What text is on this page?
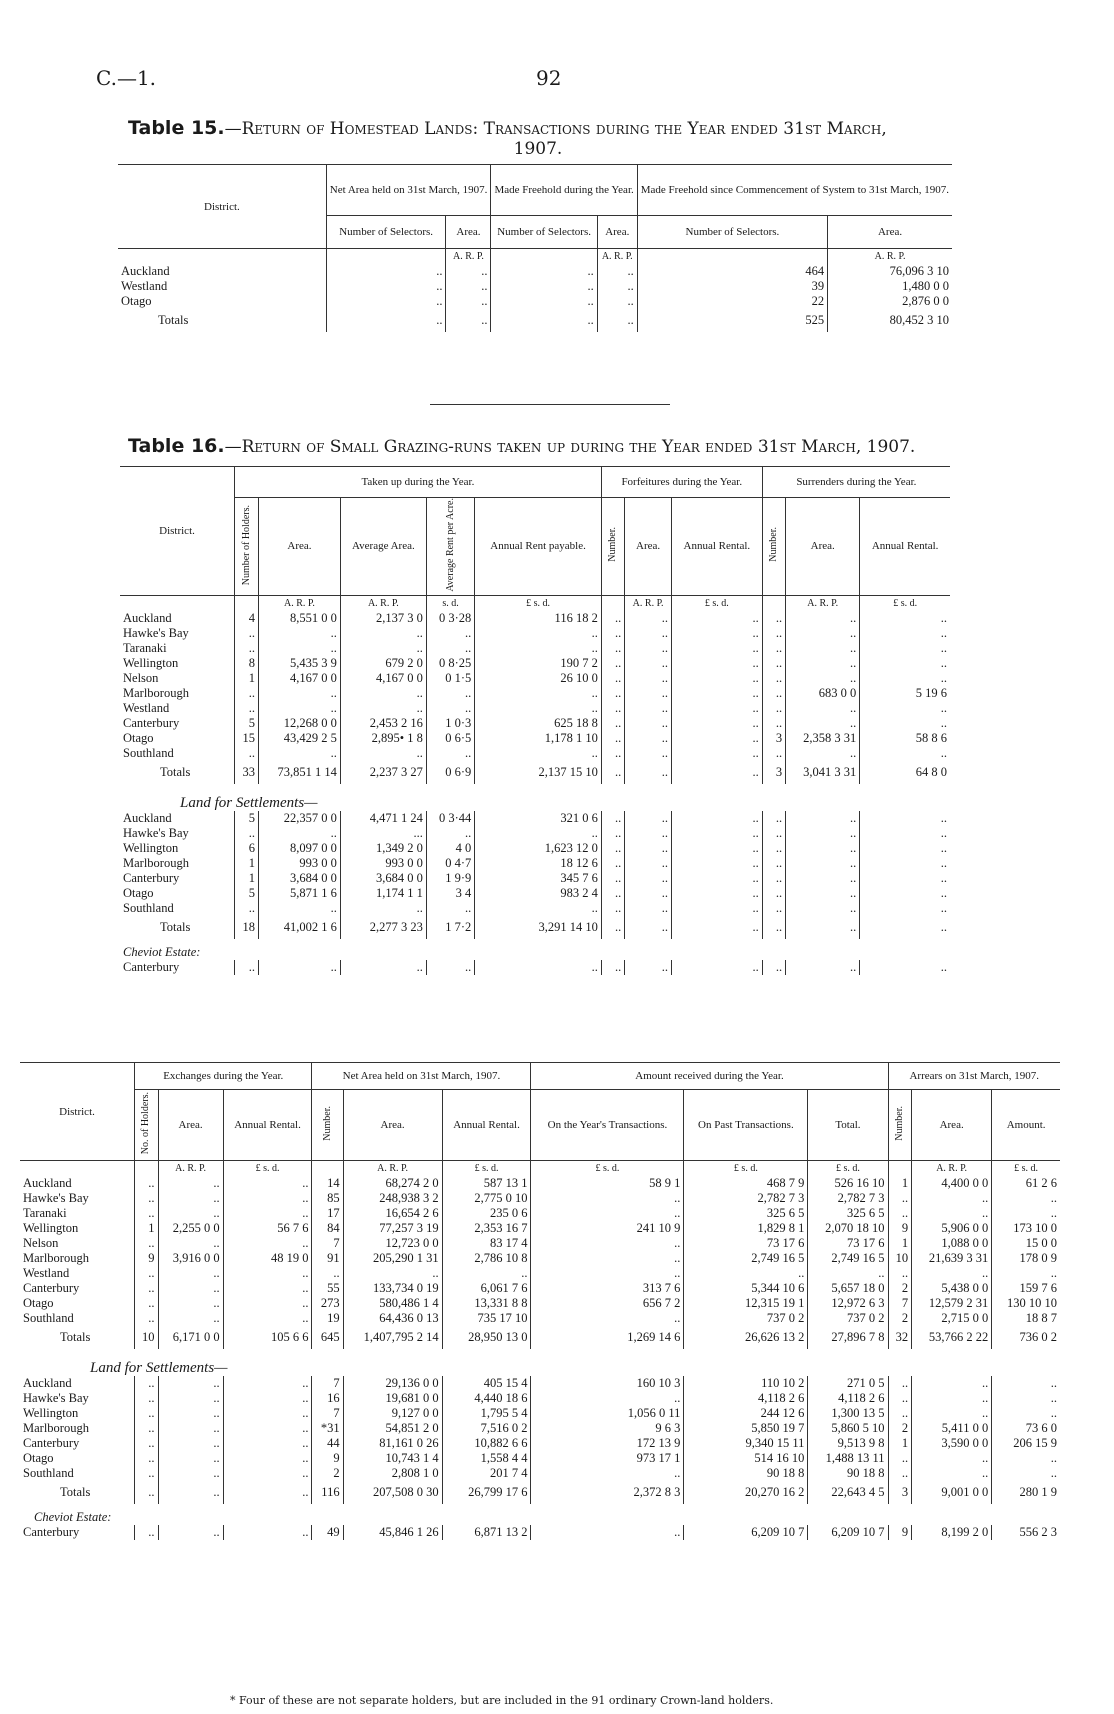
C.—1.	92
Table 15.—Return of Homestead Lands: Transactions during the Year ended 31st March,
1907.
District.	Net Area held on 31st March, 1907.		Made Freehold during the Year.		Made Freehold since Commencement of System to 31st March, 1907.	
	Number of Selectors.	Area.	Number of Selectors.	Area.	Number of Selectors.	Area.
		A. R. P.		A. R. P.		A. R. P.
Auckland	..	..	..	..	464	76,096 3 10
Westland	..	..	..	..	39	1,480 0 0
Otago	..	..	..	..	22	2,876 0 0
Totals	..	..	..	..	525	80,452 3 10
Table 16.—Return of Small Grazing-runs taken up during the Year ended 31st March, 1907.
District.	Taken up during the Year.					Forfeitures during the Year.			Surrenders during the Year.		
	Number of Holders.	Area.	Average Area.	Average Rent per Acre.	Annual Rent payable.	Number.	Area.	Annual Rental.	Number.	Area.	Annual Rental.
		A. R. P.	A. R. P.	s. d.	£ s. d.		A. R. P.	£ s. d.		A. R. P.	£ s. d.
Auckland	4	8,551 0 0	2,137 3 0	0 3·28	116 18 2	..	..	..	..	..	..
Hawke's Bay	..	..	..	..	..	..	..	..	..	..	..
Taranaki	..	..	..	..	..	..	..	..	..	..	..
Wellington	8	5,435 3 9	679 2 0	0 8·25	190 7 2	..	..	..	..	..	..
Nelson	1	4,167 0 0	4,167 0 0	0 1·5	26 10 0	..	..	..	..	..	..
Marlborough	..	..	..	..	..	..	..	..	..	683 0 0	5 19 6
Westland	..	..	..	..	..	..	..	..	..	..	..
Canterbury	5	12,268 0 0	2,453 2 16	1 0·3	625 18 8	..	..	..	..	..	..
Otago	15	43,429 2 5	2,895• 1 8	0 6·5	1,178 1 10	..	..	..	3	2,358 3 31	58 8 6
Southland	..	..	..	..	..	..	..	..	..	..	..
Totals	33	73,851 1 14	2,237 3 27	0 6·9	2,137 15 10	..	..	..	3	3,041 3 31	64 8 0
Land for Settlements—											
Auckland	5	22,357 0 0	4,471 1 24	0 3·44	321 0 6	..	..	..	..	..	..
Hawke's Bay	..	..	...	..	..	..	..	..	..	..	..
Wellington	6	8,097 0 0	1,349 2 0	4 0	1,623 12 0	..	..	..	..	..	..
Marlborough	1	993 0 0	993 0 0	0 4·7	18 12 6	..	..	..	..	..	..
Canterbury	1	3,684 0 0	3,684 0 0	1 9·9	345 7 6	..	..	..	..	..	..
Otago	5	5,871 1 6	1,174 1 1	3 4	983 2 4	..	..	..	..	..	..
Southland	..	..	..	..	..	..	..	..	..	..	..
Totals	18	41,002 1 6	2,277 3 23	1 7·2	3,291 14 10	..	..	..	..	..	..
Cheviot Estate:											
Canterbury	..	..	..	..	..	..	..	..	..	..	..
District.	Exchanges during the Year.			Net Area held on 31st March, 1907.			Amount received during the Year.			Arrears on 31st March, 1907.		
	No. of Holders.	Area.	Annual Rental.	Number.	Area.	Annual Rental.	On the Year's Transactions.	On Past Transactions.	Total.	Number.	Area.	Amount.
		A. R. P.	£ s. d.		A. R. P.	£ s. d.	£ s. d.	£ s. d.	£ s. d.		A. R. P.	£ s. d.
Auckland	..	..	..	14	68,274 2 0	587 13 1	58 9 1	468 7 9	526 16 10	1	4,400 0 0	61 2 6
Hawke's Bay	..	..	..	85	248,938 3 2	2,775 0 10	..	2,782 7 3	2,782 7 3	..	..	..
Taranaki	..	..	..	17	16,654 2 6	235 0 6	..	325 6 5	325 6 5	..	..	..
Wellington	1	2,255 0 0	56 7 6	84	77,257 3 19	2,353 16 7	241 10 9	1,829 8 1	2,070 18 10	9	5,906 0 0	173 10 0
Nelson	..	..	..	7	12,723 0 0	83 17 4	..	73 17 6	73 17 6	1	1,088 0 0	15 0 0
Marlborough	9	3,916 0 0	48 19 0	91	205,290 1 31	2,786 10 8	..	2,749 16 5	2,749 16 5	10	21,639 3 31	178 0 9
Westland	..	..	..	..	..	..	..	..	..	..	..	..
Canterbury	..	..	..	55	133,734 0 19	6,061 7 6	313 7 6	5,344 10 6	5,657 18 0	2	5,438 0 0	159 7 6
Otago	..	..	..	273	580,486 1 4	13,331 8 8	656 7 2	12,315 19 1	12,972 6 3	7	12,579 2 31	130 10 10
Southland	..	..	..	19	64,436 0 13	735 17 10	..	737 0 2	737 0 2	2	2,715 0 0	18 8 7
Totals	10	6,171 0 0	105 6 6	645	1,407,795 2 14	28,950 13 0	1,269 14 6	26,626 13 2	27,896 7 8	32	53,766 2 22	736 0 2
Land for Settlements—												
Auckland	..	..	..	7	29,136 0 0	405 15 4	160 10 3	110 10 2	271 0 5	..	..	..
Hawke's Bay	..	..	..	16	19,681 0 0	4,440 18 6	..	4,118 2 6	4,118 2 6	..	..	..
Wellington	..	..	..	7	9,127 0 0	1,795 5 4	1,056 0 11	244 12 6	1,300 13 5	..	..	..
Marlborough	..	..	..	*31	54,851 2 0	7,516 0 2	9 6 3	5,850 19 7	5,860 5 10	2	5,411 0 0	73 6 0
Canterbury	..	..	..	44	81,161 0 26	10,882 6 6	172 13 9	9,340 15 11	9,513 9 8	1	3,590 0 0	206 15 9
Otago	..	..	..	9	10,743 1 4	1,558 4 4	973 17 1	514 16 10	1,488 13 11	..	..	..
Southland	..	..	..	2	2,808 1 0	201 7 4	..	90 18 8	90 18 8	..	..	..
Totals	..	..	..	116	207,508 0 30	26,799 17 6	2,372 8 3	20,270 16 2	22,643 4 5	3	9,001 0 0	280 1 9
Cheviot Estate:												
Canterbury	..	..	..	49	45,846 1 26	6,871 13 2	..	6,209 10 7	6,209 10 7	9	8,199 2 0	556 2 3
* Four of these are not separate holders, but are included in the 91 ordinary Crown-land holders.
